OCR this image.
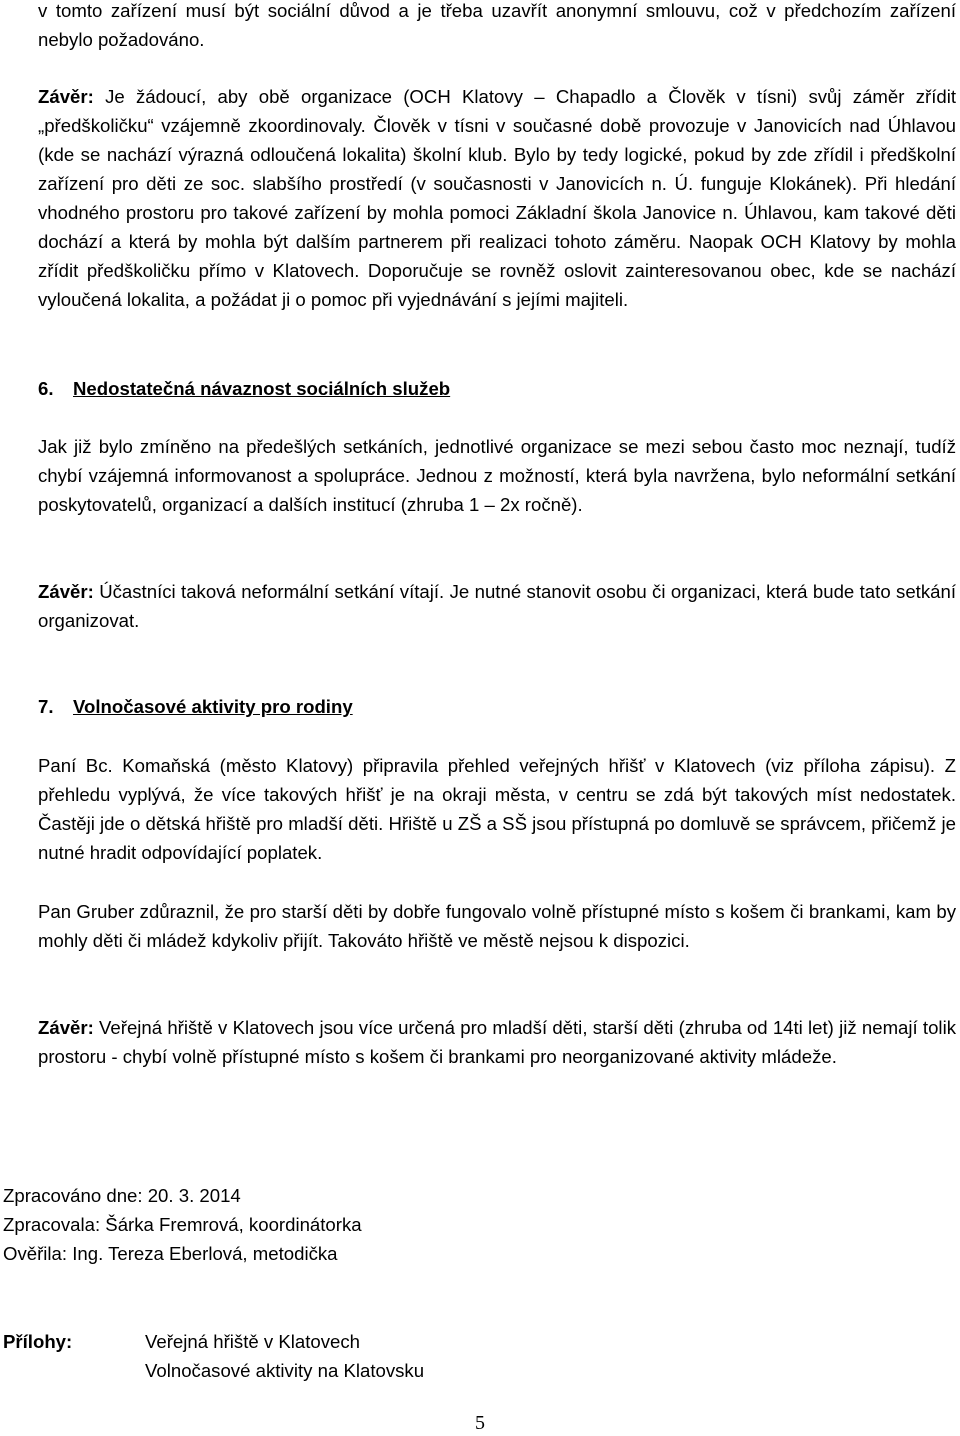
v tomto zařízení musí být sociální důvod a je třeba uzavřít anonymní smlouvu, což v předchozím zařízení nebylo požadováno.

Závěr: Je žádoucí, aby obě organizace (OCH Klatovy – Chapadlo a Člověk v tísni) svůj záměr zřídit „předškoličku“ vzájemně zkoordinovaly. Člověk v tísni v současné době provozuje v Janovicích nad Úhlavou (kde se nachází výrazná odloučená lokalita) školní klub. Bylo by tedy logické, pokud by zde zřídil i předškolní zařízení pro děti ze soc. slabšího prostředí (v současnosti v Janovicích n. Ú. funguje Klokánek). Při hledání vhodného prostoru pro takové zařízení by mohla pomoci Základní škola Janovice n. Úhlavou, kam takové děti dochází a která by mohla být dalším partnerem při realizaci tohoto záměru. Naopak OCH Klatovy by mohla zřídit předškoličku přímo v Klatovech. Doporučuje se rovněž oslovit zainteresovanou obec, kde se nachází vyloučená lokalita, a požádat ji o pomoc při vyjednávání s jejími majiteli.

6. Nedostatečná návaznost sociálních služeb

Jak již bylo zmíněno na předešlých setkáních, jednotlivé organizace se mezi sebou často moc neznají, tudíž chybí vzájemná informovanost a spolupráce. Jednou z možností, která byla navržena, bylo neformální setkání poskytovatelů, organizací a dalších institucí (zhruba 1 – 2x ročně).

Závěr: Účastníci taková neformální setkání vítají. Je nutné stanovit osobu či organizaci, která bude tato setkání organizovat.

7. Volnočasové aktivity pro rodiny

Paní Bc. Komaňská (město Klatovy) připravila přehled veřejných hřišť v Klatovech (viz příloha zápisu). Z přehledu vyplývá, že více takových hřišť je na okraji města, v centru se zdá být takových míst nedostatek. Častěji jde o dětská hřiště pro mladší děti. Hřiště u ZŠ a SŠ jsou přístupná po domluvě se správcem, přičemž je nutné hradit odpovídající poplatek.

Pan Gruber zdůraznil, že pro starší děti by dobře fungovalo volně přístupné místo s košem či brankami, kam by mohly děti či mládež kdykoliv přijít. Takováto hřiště ve městě nejsou k dispozici.

Závěr: Veřejná hřiště v Klatovech jsou více určená pro mladší děti, starší děti (zhruba od 14ti let) již nemají tolik prostoru - chybí volně přístupné místo s košem či brankami pro neorganizované aktivity mládeže.

Zpracováno dne: 20. 3. 2014

Zpracovala: Šárka Fremrová, koordinátorka

Ověřila: Ing. Tereza Eberlová, metodička

Přílohy:	Veřejná hřiště v Klatovech
Volnočasové aktivity na Klatovsku
5
